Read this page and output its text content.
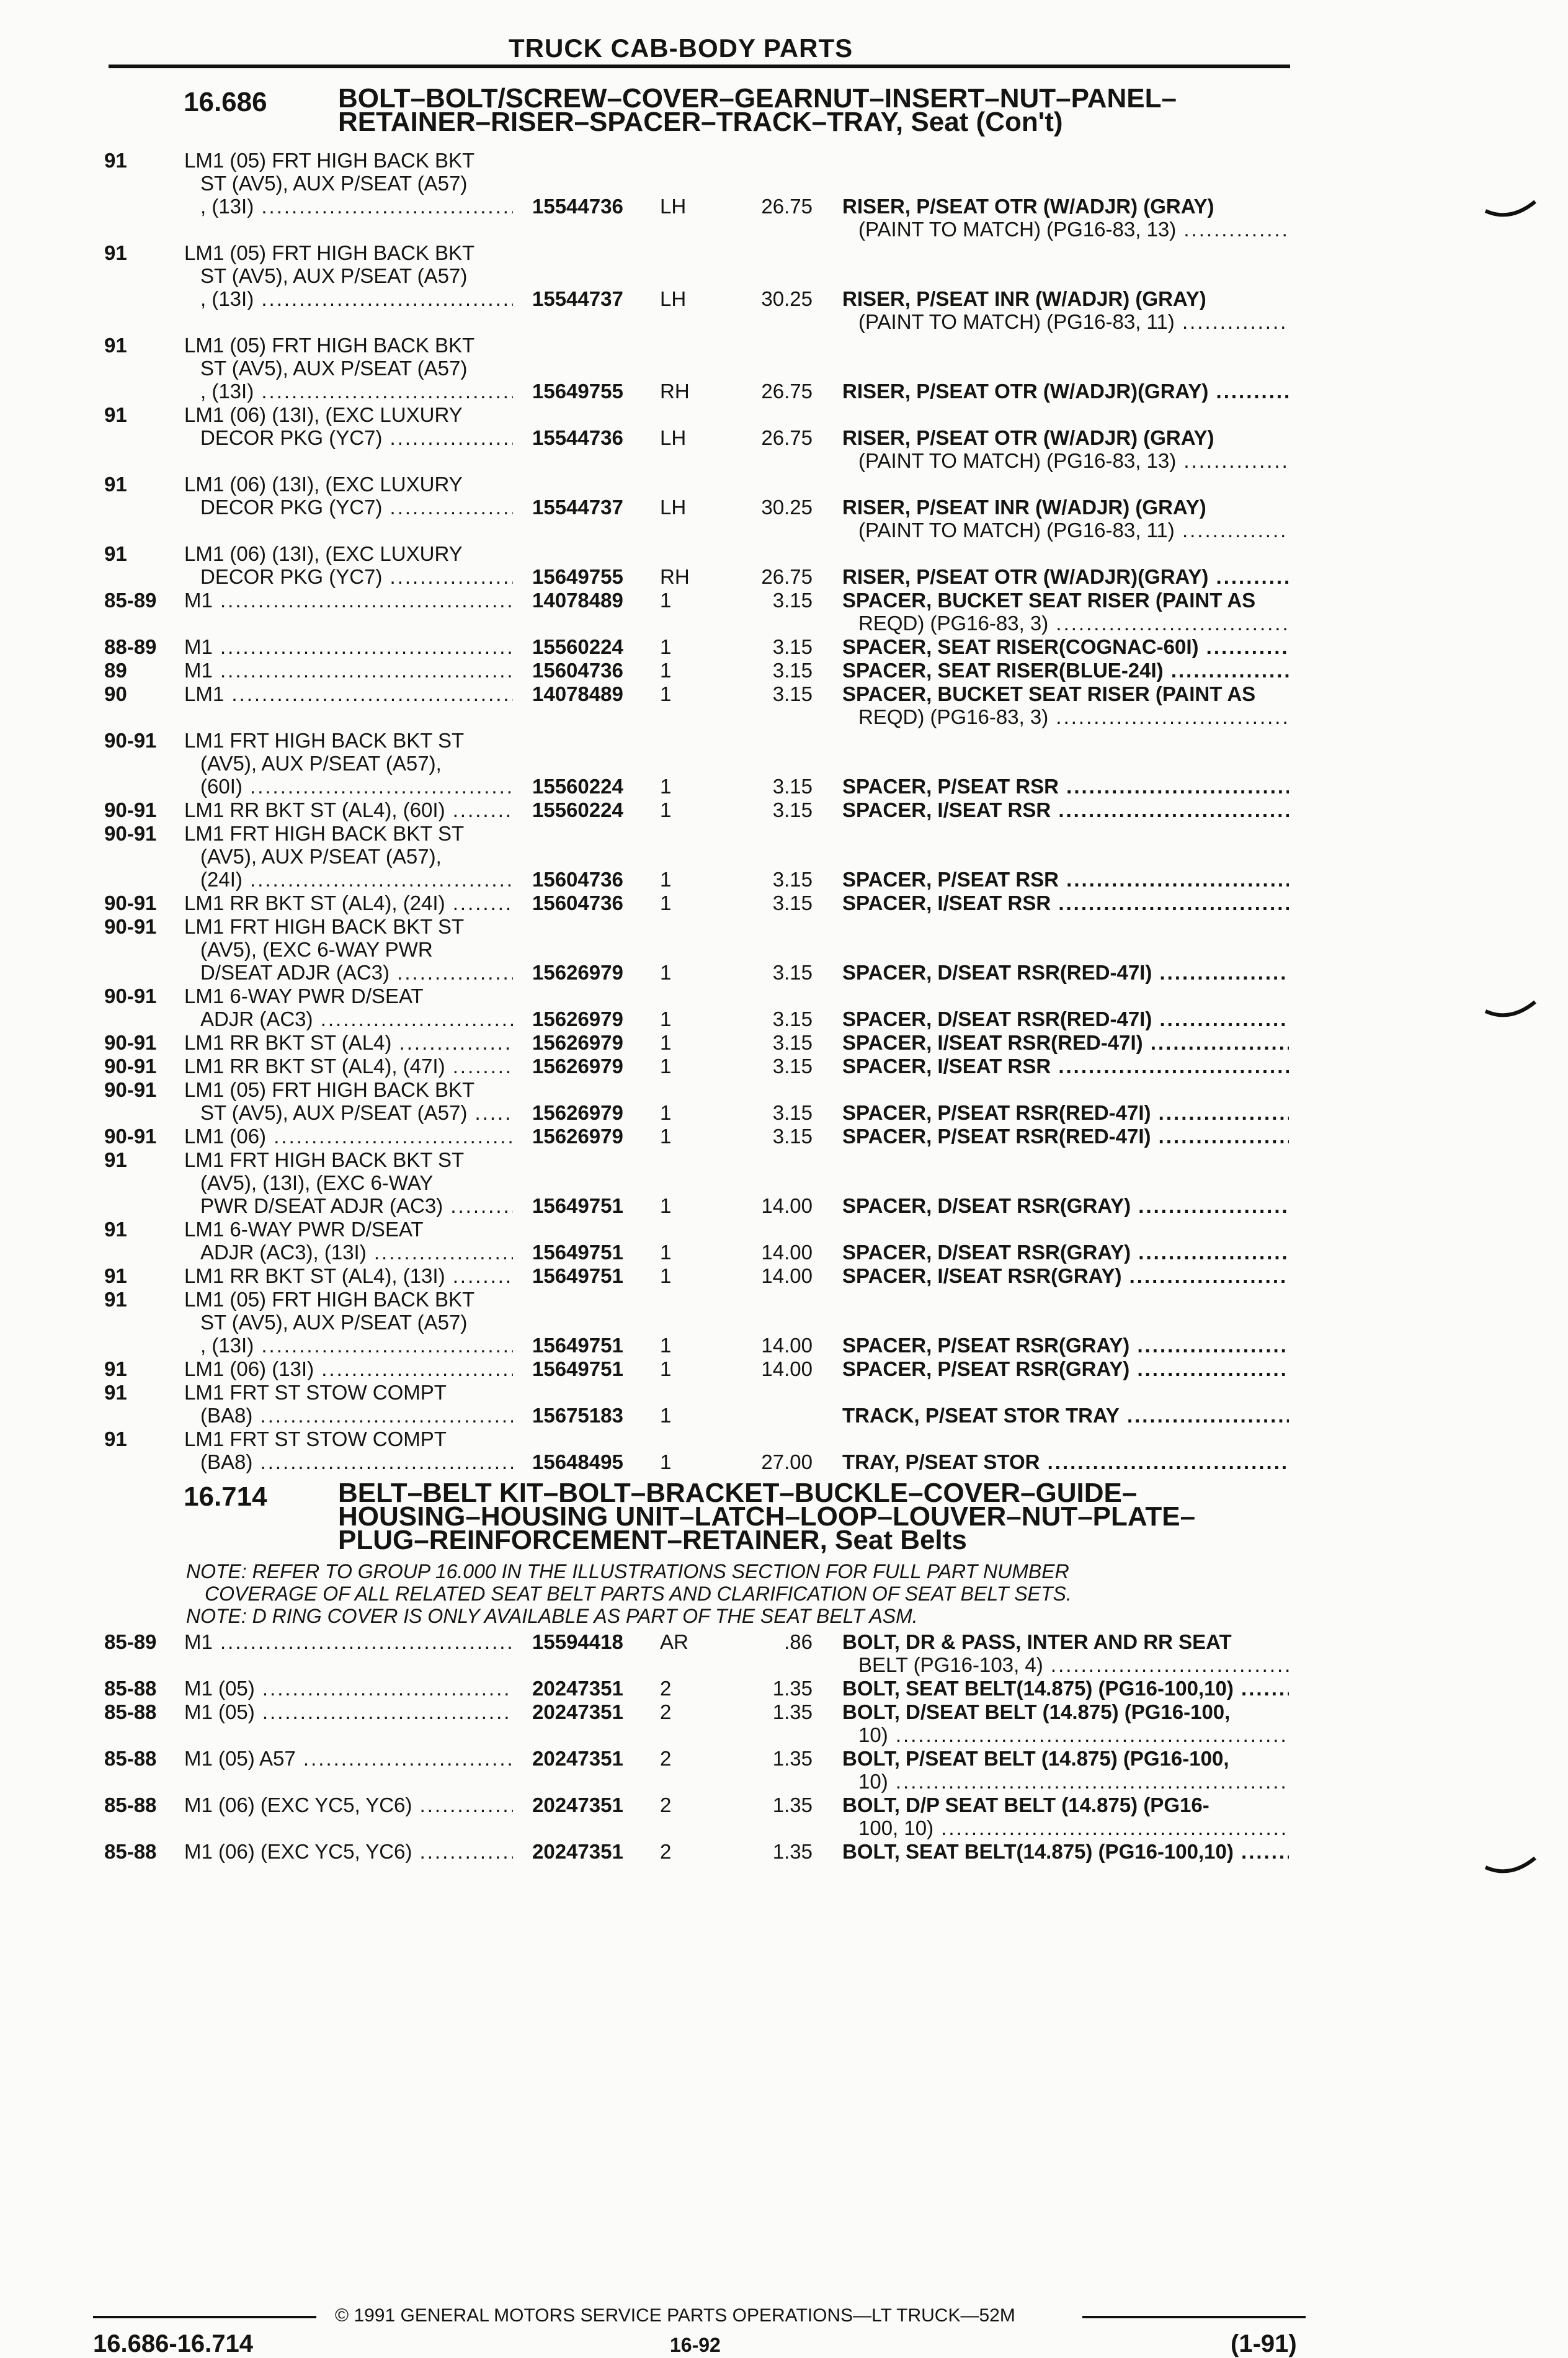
TRUCK CAB-BODY PARTS
16.686	BOLT–BOLT/SCREW–COVER–GEARNUT–INSERT–NUT–PANEL–RETAINER–RISER–SPACER–TRACK–TRAY, Seat (Con't)
91	LM1 (05) FRT HIGH BACK BKT
ST (AV5), AUX P/SEAT (A57)
, (13I) .....	15544736 LH	26.75 RISER, P/SEAT OTR (W/ADJR) (GRAY)
(PAINT TO MATCH) (PG16-83, 13) .....
91	LM1 (05) FRT HIGH BACK BKT
ST (AV5), AUX P/SEAT (A57)
, (13I) .....	15544737 LH	30.25 RISER, P/SEAT INR (W/ADJR) (GRAY)
(PAINT TO MATCH) (PG16-83, 11) .....
91	LM1 (05) FRT HIGH BACK BKT
ST (AV5), AUX P/SEAT (A57)
, (13I) .....	15649755 RH	26.75 RISER, P/SEAT OTR (W/ADJR)(GRAY) .....
91	LM1 (06) (13I), (EXC LUXURY
DECOR PKG (YC7) .....	15544736 LH	26.75 RISER, P/SEAT OTR (W/ADJR) (GRAY)
(PAINT TO MATCH) (PG16-83, 13) .....
91	LM1 (06) (13I), (EXC LUXURY
DECOR PKG (YC7) .....	15544737 LH	30.25 RISER, P/SEAT INR (W/ADJR) (GRAY)
(PAINT TO MATCH) (PG16-83, 11) .....
91	LM1 (06) (13I), (EXC LUXURY
DECOR PKG (YC7) .....	15649755 RH	26.75 RISER, P/SEAT OTR (W/ADJR)(GRAY) .....
85-89 M1 .....	14078489 1	3.15 SPACER, BUCKET SEAT RISER (PAINT AS
REQD) (PG16-83, 3) .....
88-89 M1 .....	15560224 1	3.15 SPACER, SEAT RISER(COGNAC-60I) .....
89	M1 .....	15604736 1	3.15 SPACER, SEAT RISER(BLUE-24I) .....
90	LM1 .....	14078489 1	3.15 SPACER, BUCKET SEAT RISER (PAINT AS
REQD) (PG16-83, 3) .....
90-91 LM1 FRT HIGH BACK BKT ST
(AV5), AUX P/SEAT (A57),
(60I) .....	15560224 1	3.15 SPACER, P/SEAT RSR .....
90-91 LM1 RR BKT ST (AL4), (60I) .....	15560224 1	3.15 SPACER, I/SEAT RSR .....
90-91 LM1 FRT HIGH BACK BKT ST
(AV5), AUX P/SEAT (A57),
(24I) .....	15604736 1	3.15 SPACER, P/SEAT RSR .....
90-91 LM1 RR BKT ST (AL4), (24I) .....	15604736 1	3.15 SPACER, I/SEAT RSR .....
90-91 LM1 FRT HIGH BACK BKT ST
(AV5), (EXC 6-WAY PWR
D/SEAT ADJR (AC3) .....	15626979 1	3.15 SPACER, D/SEAT RSR(RED-47I) .....
90-91 LM1 6-WAY PWR D/SEAT
ADJR (AC3) .....	15626979 1	3.15 SPACER, D/SEAT RSR(RED-47I) .....
90-91 LM1 RR BKT ST (AL4) .....	15626979 1	3.15 SPACER, I/SEAT RSR(RED-47I) .....
90-91 LM1 RR BKT ST (AL4), (47I) .....	15626979 1	3.15 SPACER, I/SEAT RSR .....
90-91 LM1 (05) FRT HIGH BACK BKT
ST (AV5), AUX P/SEAT (A57) .....	15626979 1	3.15 SPACER, P/SEAT RSR(RED-47I) .....
90-91 LM1 (06) .....	15626979 1	3.15 SPACER, P/SEAT RSR(RED-47I) .....
91	LM1 FRT HIGH BACK BKT ST
(AV5), (13I), (EXC 6-WAY
PWR D/SEAT ADJR (AC3) .....	15649751 1	14.00 SPACER, D/SEAT RSR(GRAY) .....
91	LM1 6-WAY PWR D/SEAT
ADJR (AC3), (13I) .....	15649751 1	14.00 SPACER, D/SEAT RSR(GRAY) .....
91	LM1 RR BKT ST (AL4), (13I) .....	15649751 1	14.00 SPACER, I/SEAT RSR(GRAY) .....
91	LM1 (05) FRT HIGH BACK BKT
ST (AV5), AUX P/SEAT (A57)
, (13I) .....	15649751 1	14.00 SPACER, P/SEAT RSR(GRAY) .....
91	LM1 (06) (13I) .....	15649751 1	14.00 SPACER, P/SEAT RSR(GRAY) .....
91	LM1 FRT ST STOW COMPT
(BA8) .....	15675183 1	TRACK, P/SEAT STOR TRAY .....
91	LM1 FRT ST STOW COMPT
(BA8) .....	15648495 1	27.00 TRAY, P/SEAT STOR .....
16.714	BELT–BELT KIT–BOLT–BRACKET–BUCKLE–COVER–GUIDE–HOUSING–HOUSING UNIT–LATCH–LOOP–LOUVER–NUT–PLATE–PLUG–REINFORCEMENT–RETAINER, Seat Belts
NOTE: REFER TO GROUP 16.000 IN THE ILLUSTRATIONS SECTION FOR FULL PART NUMBER
COVERAGE OF ALL RELATED SEAT BELT PARTS AND CLARIFICATION OF SEAT BELT SETS.
NOTE: D RING COVER IS ONLY AVAILABLE AS PART OF THE SEAT BELT ASM.
85-89 M1 .....	15594418 AR	.86 BOLT, DR & PASS, INTER AND RR SEAT
BELT (PG16-103, 4) .....
85-88 M1 (05) .....	20247351 2	1.35 BOLT, SEAT BELT(14.875) (PG16-100,10) .....
85-88 M1 (05) .....	20247351 2	1.35 BOLT, D/SEAT BELT (14.875) (PG16-100,
10) .....
85-88 M1 (05) A57 .....	20247351 2	1.35 BOLT, P/SEAT BELT (14.875) (PG16-100,
10) .....
85-88 M1 (06) (EXC YC5, YC6) .....	20247351 2	1.35 BOLT, D/P SEAT BELT (14.875) (PG16-
100, 10) .....
85-88 M1 (06) (EXC YC5, YC6) .....	20247351 2	1.35 BOLT, SEAT BELT(14.875) (PG16-100,10) .....
© 1991 GENERAL MOTORS SERVICE PARTS OPERATIONS—LT TRUCK—52M
16.686-16.714	16-92	(1-91)
